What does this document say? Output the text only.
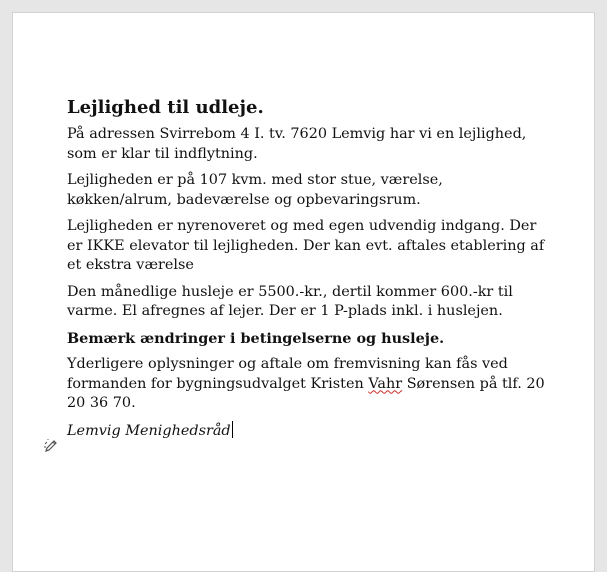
Lejlighed til udleje.

På adressen Svirrebom 4 I. tv. 7620 Lemvig har vi en lejlighed, som er klar til indflytning.

Lejligheden er på 107 kvm. med stor stue, værelse, køkken/alrum, badeværelse og opbevaringsrum.

Lejligheden er nyrenoveret og med egen udvendig indgang. Der er IKKE elevator til lejligheden. Der kan evt. aftales etablering af et ekstra værelse

Den månedlige husleje er 5500.-kr., dertil kommer 600.-kr til varme. El afregnes af lejer. Der er 1 P-plads inkl. i huslejen.

Bemærk ændringer i betingelserne og husleje.

Yderligere oplysninger og aftale om fremvisning kan fås ved formanden for bygningsudvalget Kristen Vahr Sørensen på tlf. 20 20 36 70.

Lemvig Menighedsråd
